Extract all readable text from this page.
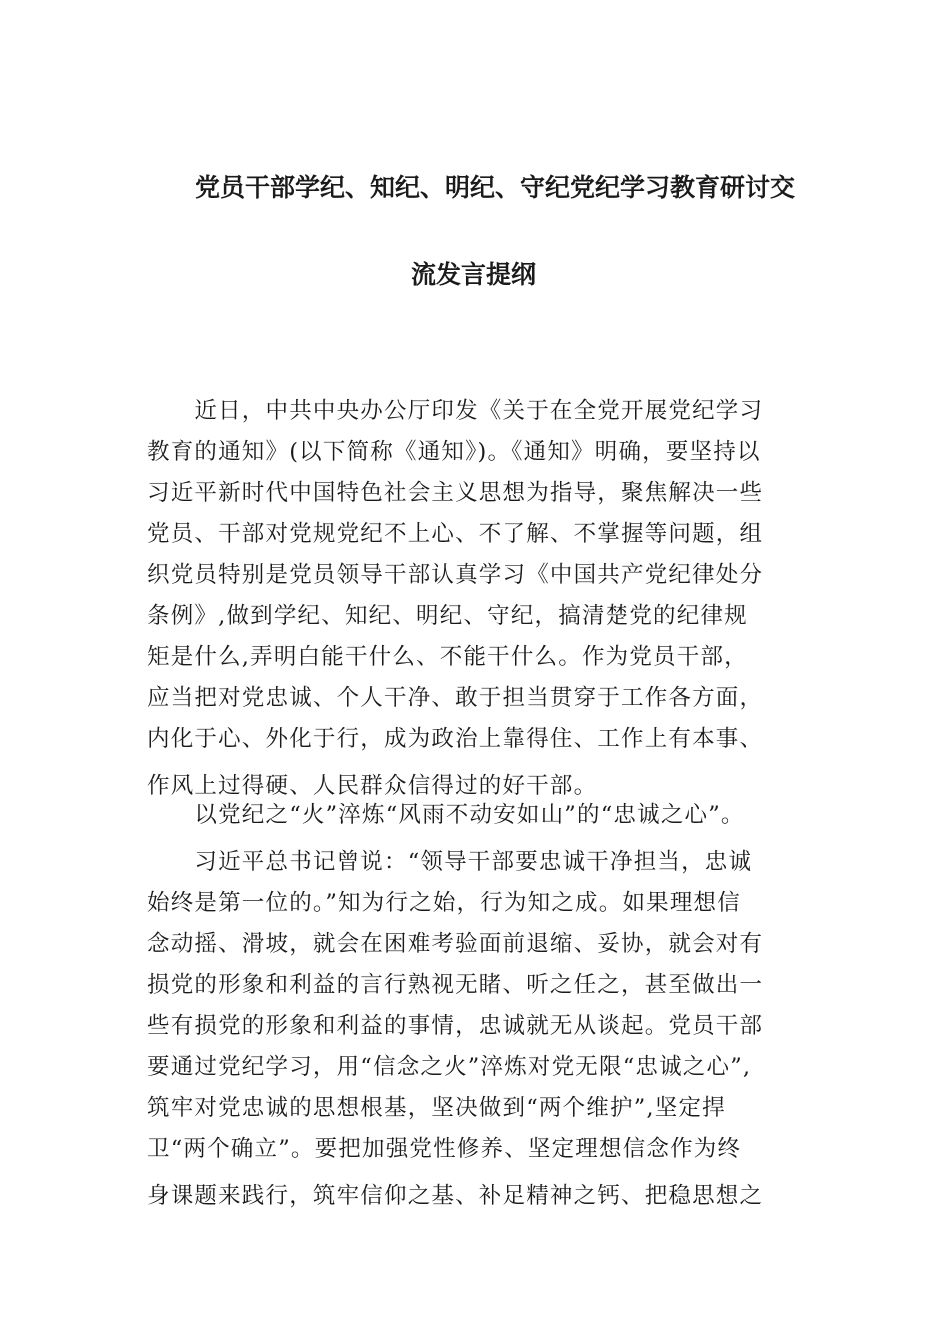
党员干部学纪、知纪、明纪、守纪党纪学习教育研讨交
流发言提纲
　　近日，中共中央办公厅印发《关于在全党开展党纪学习
教育的通知》(以下简称《通知》)。《通知》明确，要坚持以
习近平新时代中国特色社会主义思想为指导，聚焦解决一些
党员、干部对党规党纪不上心、不了解、不掌握等问题，组
织党员特别是党员领导干部认真学习《中国共产党纪律处分
条例》,做到学纪、知纪、明纪、守纪，搞清楚党的纪律规
矩是什么,弄明白能干什么、不能干什么。作为党员干部，
应当把对党忠诚、个人干净、敢于担当贯穿于工作各方面，
内化于心、外化于行，成为政治上靠得住、工作上有本事、
作风上过得硬、人民群众信得过的好干部。
　　以党纪之“火”淬炼“风雨不动安如山”的“忠诚之心”。
　　习近平总书记曾说：“领导干部要忠诚干净担当，忠诚
始终是第一位的。”知为行之始，行为知之成。如果理想信
念动摇、滑坡，就会在困难考验面前退缩、妥协，就会对有
损党的形象和利益的言行熟视无睹、听之任之，甚至做出一
些有损党的形象和利益的事情，忠诚就无从谈起。党员干部
要通过党纪学习，用“信念之火”淬炼对党无限“忠诚之心”,
筑牢对党忠诚的思想根基，坚决做到“两个维护”,坚定捍
卫“两个确立”。要把加强党性修养、坚定理想信念作为终
身课题来践行，筑牢信仰之基、补足精神之钙、把稳思想之
